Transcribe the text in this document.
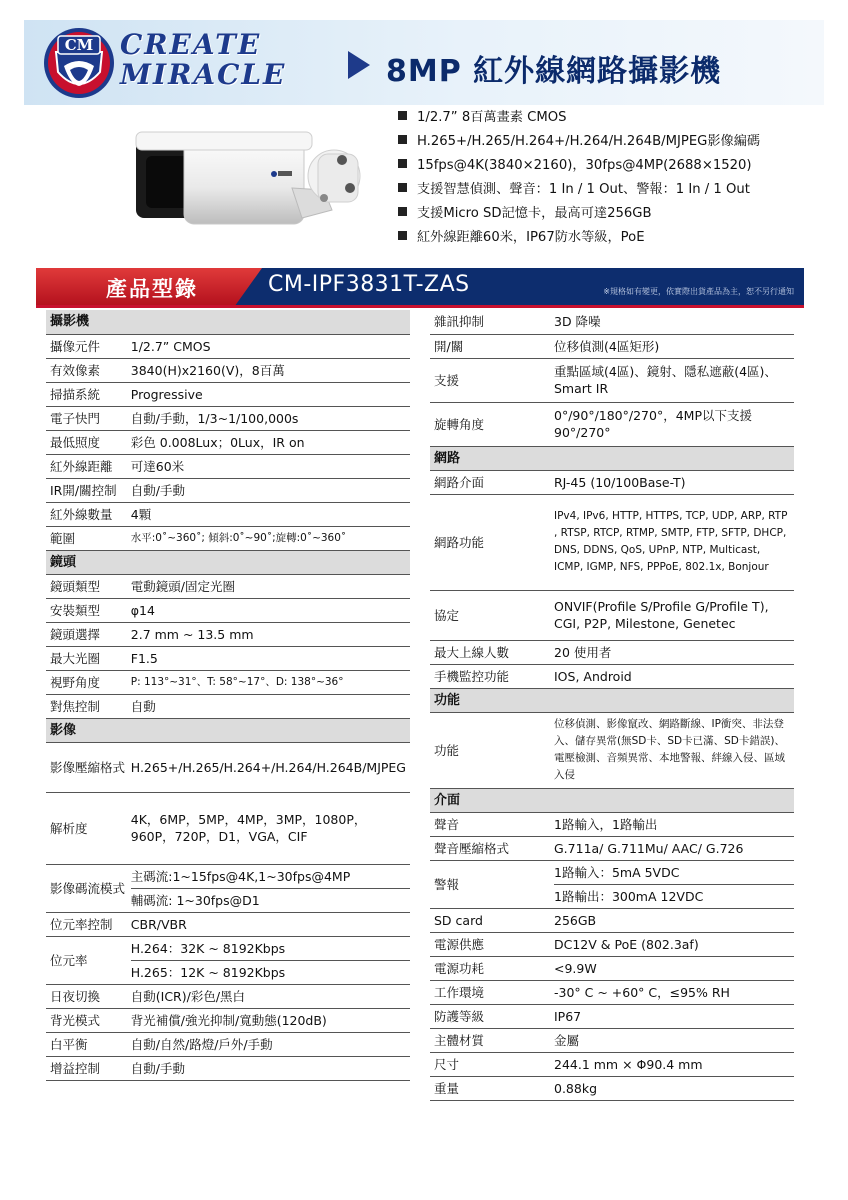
CM CREATE
MIRACLE	8MP 紅外線網路攝影機
1/2.7” 8百萬畫素 CMOS
H.265+/H.265/H.264+/H.264/H.264B/MJPEG影像編碼
15fps@4K(3840×2160)，30fps@4MP(2688×1520)
支援智慧偵測、聲音：1 In / 1 Out、警報：1 In / 1 Out
支援Micro SD記憶卡，最高可達256GB
紅外線距離60米，IP67防水等級，PoE
產品型錄	CM-IPF3831T-ZAS	※規格如有變更，依實際出貨產品為主，恕不另行通知
攝影機	
攝像元件	1/2.7” CMOS
有效像素	3840(H)x2160(V)，8百萬
掃描系統	Progressive
電子快門	自動/手動，1/3~1/100,000s
最低照度	彩色 0.008Lux；0Lux，IR on
紅外線距離	可達60米
IR開/關控制	自動/手動
紅外線數量	4顆
範圍	水平:0˚~360˚; 傾斜:0˚~90˚;旋轉:0˚~360˚
鏡頭	
鏡頭類型	電動鏡頭/固定光圈
安裝類型	φ14
鏡頭選擇	2.7 mm ~ 13.5 mm
最大光圈	F1.5
視野角度	P: 113°~31°、T: 58°~17°、D: 138°~36°
對焦控制	自動
影像	
影像壓縮格式	H.265+/H.265/H.264+/H.264/H.264B/MJPEG
解析度	4K，6MP，5MP，4MP，3MP，1080P，960P，720P，D1，VGA，CIF
影像碼流模式	主碼流:1~15fps@4K,1~30fps@4MP
	輔碼流: 1~30fps@D1
位元率控制	CBR/VBR
位元率	H.264：32K ~ 8192Kbps
	H.265：12K ~ 8192Kbps
日夜切換	自動(ICR)/彩色/黑白
背光模式	背光補償/強光抑制/寬動態(120dB)
白平衡	自動/自然/路燈/戶外/手動
增益控制	自動/手動
雜訊抑制	3D 降噪
開/關	位移偵測(4區矩形)
支援	重點區域(4區)、鏡射、隱私遮蔽(4區)、Smart IR
旋轉角度	0°/90°/180°/270°，4MP以下支援90°/270°
網路	
網路介面	RJ-45 (10/100Base-T)
網路功能	IPv4, IPv6, HTTP, HTTPS, TCP, UDP, ARP, RTP , RTSP, RTCP, RTMP, SMTP, FTP, SFTP, DHCP, DNS, DDNS, QoS, UPnP, NTP, Multicast, ICMP, IGMP, NFS, PPPoE, 802.1x, Bonjour
協定	ONVIF(Profile S/Profile G/Profile T), CGI, P2P, Milestone, Genetec
最大上線人數	20 使用者
手機監控功能	IOS, Android
功能	
功能	位移偵測、影像竄改、網路斷線、IP衝突、非法登入、儲存異常(無SD卡、SD卡已滿、SD卡錯誤)、電壓檢測、音頻異常、本地警報、絆線入侵、區域入侵
介面	
聲音	1路輸入，1路輸出
聲音壓縮格式	G.711a/ G.711Mu/ AAC/ G.726
警報	1路輸入：5mA 5VDC
	1路輸出：300mA 12VDC
SD card	256GB
電源供應	DC12V & PoE (802.3af)
電源功耗	<9.9W
工作環境	-30° C ~ +60° C，≤95% RH
防護等級	IP67
主體材質	金屬
尺寸	244.1 mm × Φ90.4 mm
重量	0.88kg
